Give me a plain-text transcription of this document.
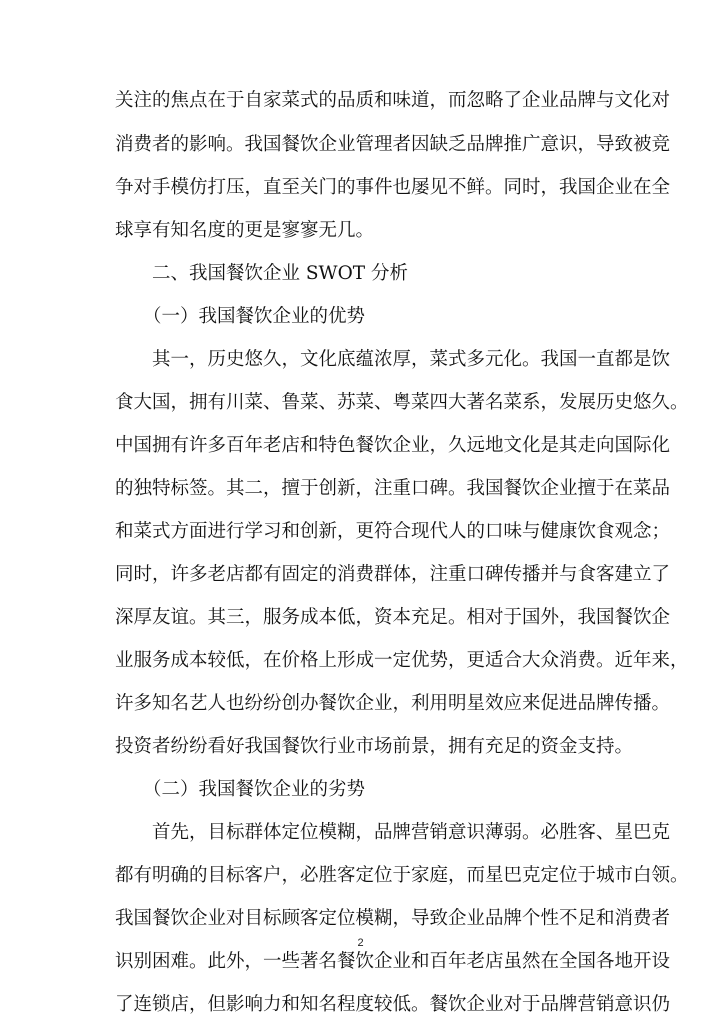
关注的焦点在于自家菜式的品质和味道，而忽略了企业品牌与文化对
消费者的影响。我国餐饮企业管理者因缺乏品牌推广意识，导致被竞
争对手模仿打压，直至关门的事件也屡见不鲜。同时，我国企业在全
球享有知名度的更是寥寥无几。
二、我国餐饮企业 SWOT 分析
（一）我国餐饮企业的优势
其一，历史悠久，文化底蕴浓厚，菜式多元化。我国一直都是饮
食大国，拥有川菜、鲁菜、苏菜、粤菜四大著名菜系，发展历史悠久。
中国拥有许多百年老店和特色餐饮企业，久远地文化是其走向国际化
的独特标签。其二，擅于创新，注重口碑。我国餐饮企业擅于在菜品
和菜式方面进行学习和创新，更符合现代人的口味与健康饮食观念；
同时，许多老店都有固定的消费群体，注重口碑传播并与食客建立了
深厚友谊。其三，服务成本低，资本充足。相对于国外，我国餐饮企
业服务成本较低，在价格上形成一定优势，更适合大众消费。近年来，
许多知名艺人也纷纷创办餐饮企业，利用明星效应来促进品牌传播。
投资者纷纷看好我国餐饮行业市场前景，拥有充足的资金支持。
（二）我国餐饮企业的劣势
首先，目标群体定位模糊，品牌营销意识薄弱。必胜客、星巴克
都有明确的目标客户，必胜客定位于家庭，而星巴克定位于城市白领。
我国餐饮企业对目标顾客定位模糊，导致企业品牌个性不足和消费者
识别困难。此外，一些著名餐饮企业和百年老店虽然在全国各地开设
了连锁店，但影响力和知名程度较低。餐饮企业对于品牌营销意识仍
2
